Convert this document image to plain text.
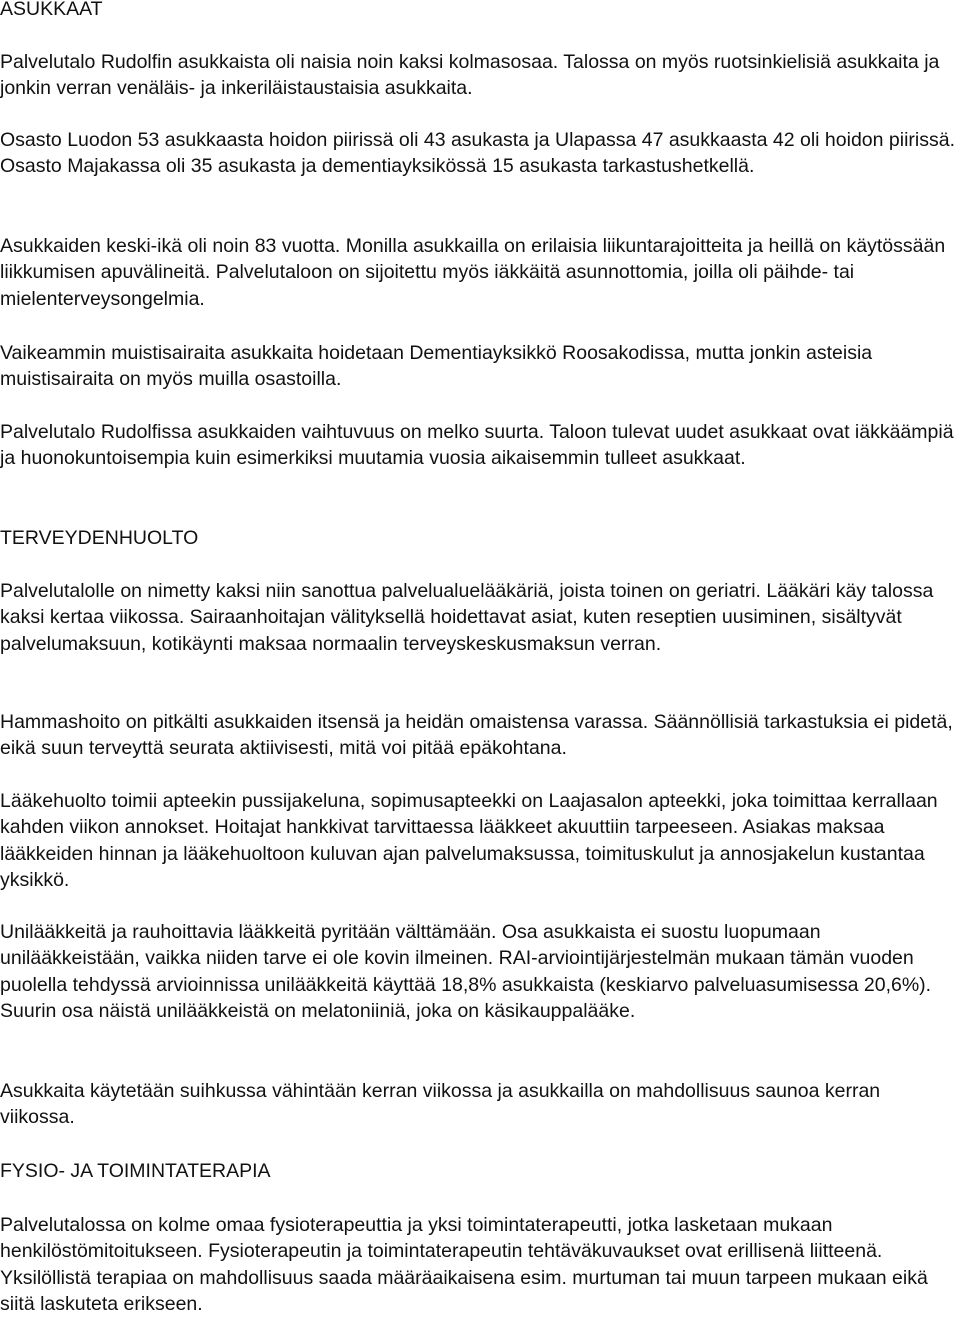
ASUKKAAT

Palvelutalo Rudolfin asukkaista oli naisia noin kaksi kolmasosaa. Talossa on myös ruotsinkielisiä asukkaita ja jonkin verran venäläis- ja inkeriläistaustaisia asukkaita.

Osasto Luodon 53 asukkaasta hoidon piirissä oli 43 asukasta ja Ulapassa 47 asukkaasta 42 oli hoidon piirissä. Osasto Majakassa oli 35 asukasta ja dementiayksikössä 15 asukasta tarkastushetkellä.

Asukkaiden keski-ikä oli noin 83 vuotta. Monilla asukkailla on erilaisia liikuntarajoitteita ja heillä on käytössään liikkumisen apuvälineitä. Palvelutaloon on sijoitettu myös iäkkäitä asunnottomia, joilla oli päihde- tai mielenterveysongelmia.

Vaikeammin muistisairaita asukkaita hoidetaan Dementiayksikkö Roosakodissa, mutta jonkin asteisia muistisairaita on myös muilla osastoilla.

Palvelutalo Rudolfissa asukkaiden vaihtuvuus on melko suurta. Taloon tulevat uudet asukkaat ovat iäkkäämpiä ja huonokuntoisempia kuin esimerkiksi muutamia vuosia aikaisemmin tulleet asukkaat.

TERVEYDENHUOLTO

Palvelutalolle on nimetty kaksi niin sanottua palvelualuelääkäriä, joista toinen on geriatri. Lääkäri käy talossa kaksi kertaa viikossa. Sairaanhoitajan välityksellä hoidettavat asiat, kuten reseptien uusiminen, sisältyvät palvelumaksuun, kotikäynti maksaa normaalin terveyskeskusmaksun verran.

Hammashoito on pitkälti asukkaiden itsensä ja heidän omaistensa varassa. Säännöllisiä tarkastuksia ei pidetä, eikä suun terveyttä seurata aktiivisesti, mitä voi pitää epäkohtana.

Lääkehuolto toimii apteekin pussijakeluna, sopimusapteekki on Laajasalon apteekki, joka toimittaa kerrallaan kahden viikon annokset. Hoitajat hankkivat tarvittaessa lääkkeet akuuttiin tarpeeseen. Asiakas maksaa lääkkeiden hinnan ja lääkehuoltoon kuluvan ajan palvelumaksussa, toimituskulut ja annosjakelun kustantaa yksikkö.

Unilääkkeitä ja rauhoittavia lääkkeitä pyritään välttämään. Osa asukkaista ei suostu luopumaan unilääkkeistään, vaikka niiden tarve ei ole kovin ilmeinen. RAI-arviointijärjestelmän mukaan tämän vuoden puolella tehdyssä arvioinnissa unilääkkeitä käyttää 18,8% asukkaista (keskiarvo palveluasumisessa 20,6%). Suurin osa näistä unilääkkeistä on melatoniiniä, joka on käsikauppalääke.

Asukkaita käytetään suihkussa vähintään kerran viikossa ja asukkailla on mahdollisuus saunoa kerran viikossa.

FYSIO- JA TOIMINTATERAPIA

Palvelutalossa on kolme omaa fysioterapeuttia ja yksi toimintaterapeutti, jotka lasketaan mukaan henkilöstömitoitukseen. Fysioterapeutin ja toimintaterapeutin tehtäväkuvaukset ovat erillisenä liitteenä. Yksilöllistä terapiaa on mahdollisuus saada määräaikaisena esim. murtuman tai muun tarpeen mukaan eikä siitä laskuteta erikseen.
